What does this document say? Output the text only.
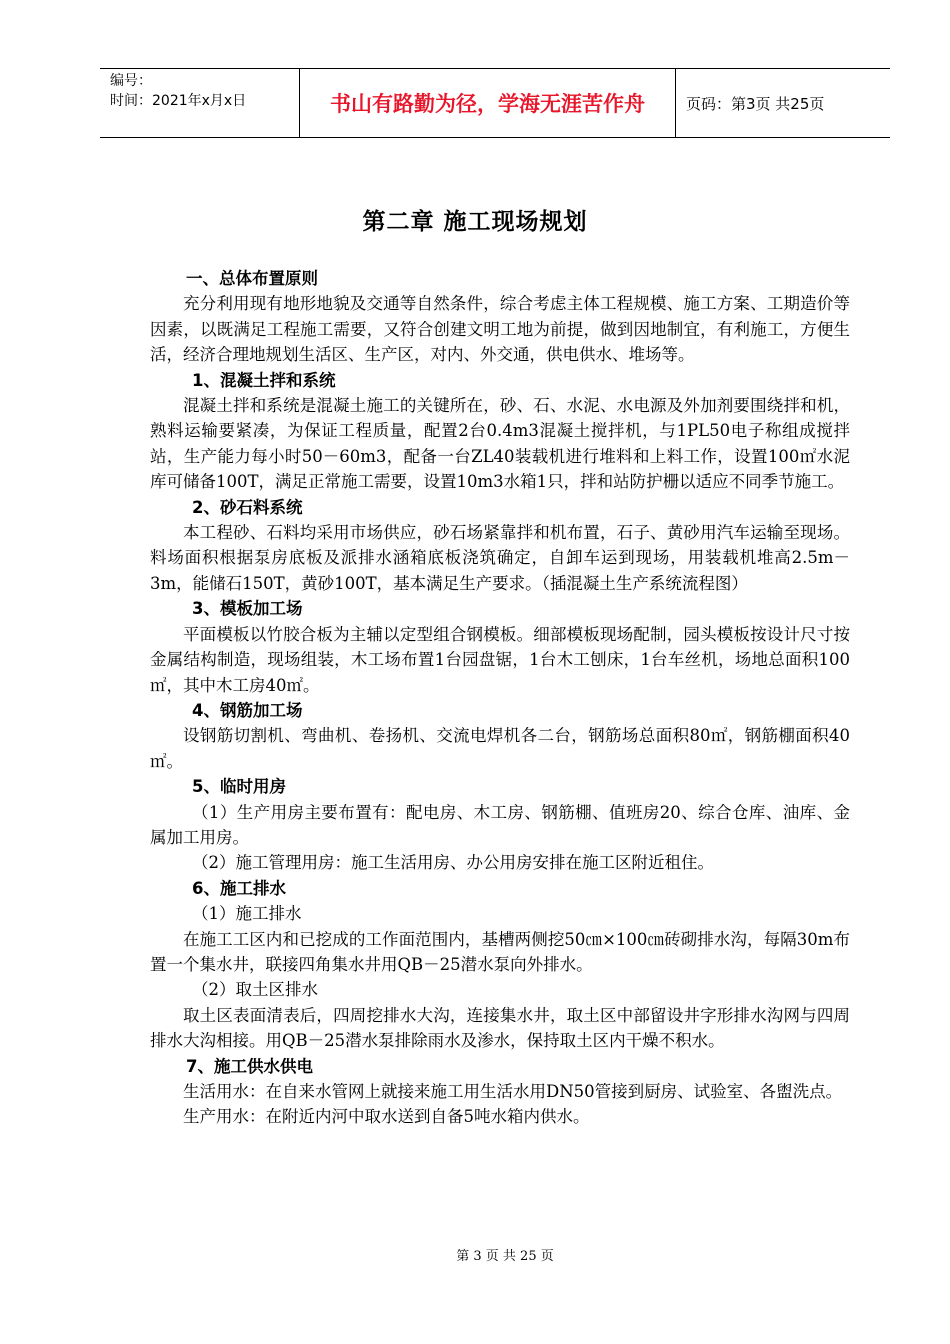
编号：
时间：2021年x月x日	书山有路勤为径，学海无涯苦作舟	页码：第3页 共25页
第二章 施工现场规划

一、总体布置原则

充分利用现有地形地貌及交通等自然条件，综合考虑主体工程规模、施工方案、工期造价等因素，以既满足工程施工需要，又符合创建文明工地为前提，做到因地制宜，有利施工，方便生活，经济合理地规划生活区、生产区，对内、外交通，供电供水、堆场等。

1、混凝土拌和系统

混凝土拌和系统是混凝土施工的关键所在，砂、石、水泥、水电源及外加剂要围绕拌和机，熟料运输要紧凑，为保证工程质量，配置2台0.4m3混凝土搅拌机，与1PL50电子称组成搅拌站，生产能力每小时50－60m3，配备一台ZL40装载机进行堆料和上料工作，设置100㎡水泥库可储备100T，满足正常施工需要，设置10m3水箱1只，拌和站防护栅以适应不同季节施工。

2、砂石料系统

本工程砂、石料均采用市场供应，砂石场紧靠拌和机布置，石子、黄砂用汽车运输至现场。料场面积根据泵房底板及派排水涵箱底板浇筑确定，自卸车运到现场，用装载机堆高2.5m－3m，能储石150T，黄砂100T，基本满足生产要求。（插混凝土生产系统流程图）

3、模板加工场

平面模板以竹胶合板为主辅以定型组合钢模板。细部模板现场配制，园头模板按设计尺寸按金属结构制造，现场组装，木工场布置1台园盘锯，1台木工刨床，1台车丝机，场地总面积100㎡，其中木工房40㎡。

4、钢筋加工场

设钢筋切割机、弯曲机、卷扬机、交流电焊机各二台，钢筋场总面积80㎡，钢筋棚面积40㎡。

5、临时用房

（1）生产用房主要布置有：配电房、木工房、钢筋棚、值班房20、综合仓库、油库、金属加工用房。

（2）施工管理用房：施工生活用房、办公用房安排在施工区附近租住。

6、施工排水

（1）施工排水

在施工工区内和已挖成的工作面范围内，基槽两侧挖50㎝×100㎝砖砌排水沟，每隔30m布置一个集水井，联接四角集水井用QB－25潜水泵向外排水。

（2）取土区排水

取土区表面清表后，四周挖排水大沟，连接集水井，取土区中部留设井字形排水沟网与四周排水大沟相接。用QB－25潜水泵排除雨水及渗水，保持取土区内干燥不积水。

7、施工供水供电

生活用水：在自来水管网上就接来施工用生活水用DN50管接到厨房、试验室、各盥洗点。

生产用水：在附近内河中取水送到自备5吨水箱内供水。

第 3 页 共 25 页
